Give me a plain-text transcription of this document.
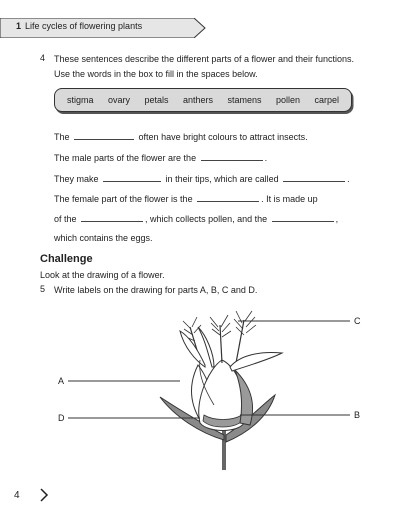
1 Life cycles of flowering plants
4 These sentences describe the different parts of a flower and their functions.
Use the words in the box to fill in the spaces below.
stigma ovary petals anthers stamens pollen carpel
The	often have bright colours to attract insects.
The male parts of the flower are the	.
They make	in their tips, which are called	.
The female part of the flower is the	. It is made up
of the	, which collects pollen, and the	,
which contains the eggs.
Challenge
Look at the drawing of a flower.
5 Write labels on the drawing for parts A, B, C and D.
A
D
C
B
4
